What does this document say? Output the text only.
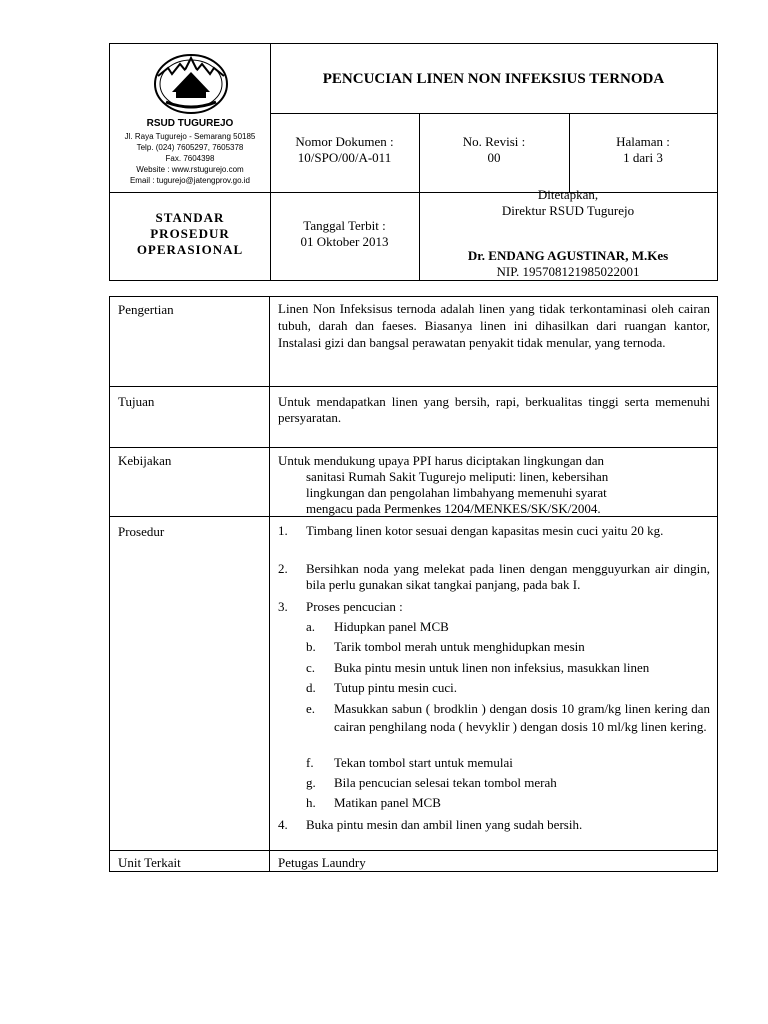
RSUD TUGUREJO
Jl. Raya Tugurejo - Semarang 50185
Telp. (024) 7605297, 7605378
Fax. 7604398
Website : www.rstugurejo.com
Email : tugurejo@jatengprov.go.id
PENCUCIAN LINEN NON INFEKSIUS TERNODA
Nomor Dokumen :
10/SPO/00/A-011
No. Revisi :
00
Halaman :
1 dari 3
STANDAR
PROSEDUR
OPERASIONAL
Tanggal Terbit :
01 Oktober 2013
Ditetapkan,
Direktur RSUD Tugurejo
Dr. ENDANG AGUSTINAR, M.Kes
NIP. 195708121985022001
Pengertian	Linen Non Infeksisus ternoda adalah linen yang tidak terkontaminasi oleh cairan tubuh, darah dan faeses. Biasanya linen ini dihasilkan dari ruangan kantor, Instalasi gizi dan bangsal perawatan penyakit tidak menular, yang ternoda.
Tujuan	Untuk mendapatkan linen yang bersih, rapi, berkualitas tinggi serta memenuhi persyaratan.
Kebijakan	Untuk mendukung upaya PPI harus diciptakan lingkungan dan
sanitasi Rumah Sakit Tugurejo meliputi: linen, kebersihan
lingkungan dan pengolahan limbahyang memenuhi syarat
mengacu pada Permenkes 1204/MENKES/SK/SK/2004.
Prosedur	1. Timbang linen kotor sesuai dengan kapasitas mesin cuci yaitu 20 kg.
2. Bersihkan noda yang melekat pada linen dengan mengguyurkan air dingin, bila perlu gunakan sikat tangkai panjang, pada bak I.
3. Proses pencucian :
a. Hidupkan panel MCB
b. Tarik tombol merah untuk menghidupkan mesin
c. Buka pintu mesin untuk linen non infeksius, masukkan linen
d. Tutup pintu mesin cuci.
e. Masukkan sabun ( brodklin ) dengan dosis 10 gram/kg linen kering dan cairan penghilang noda ( hevyklir ) dengan dosis 10 ml/kg linen kering.
f. Tekan tombol start untuk memulai
g. Bila pencucian selesai tekan tombol merah
h. Matikan panel MCB
4. Buka pintu mesin dan ambil linen yang sudah bersih.
Unit Terkait	Petugas Laundry
